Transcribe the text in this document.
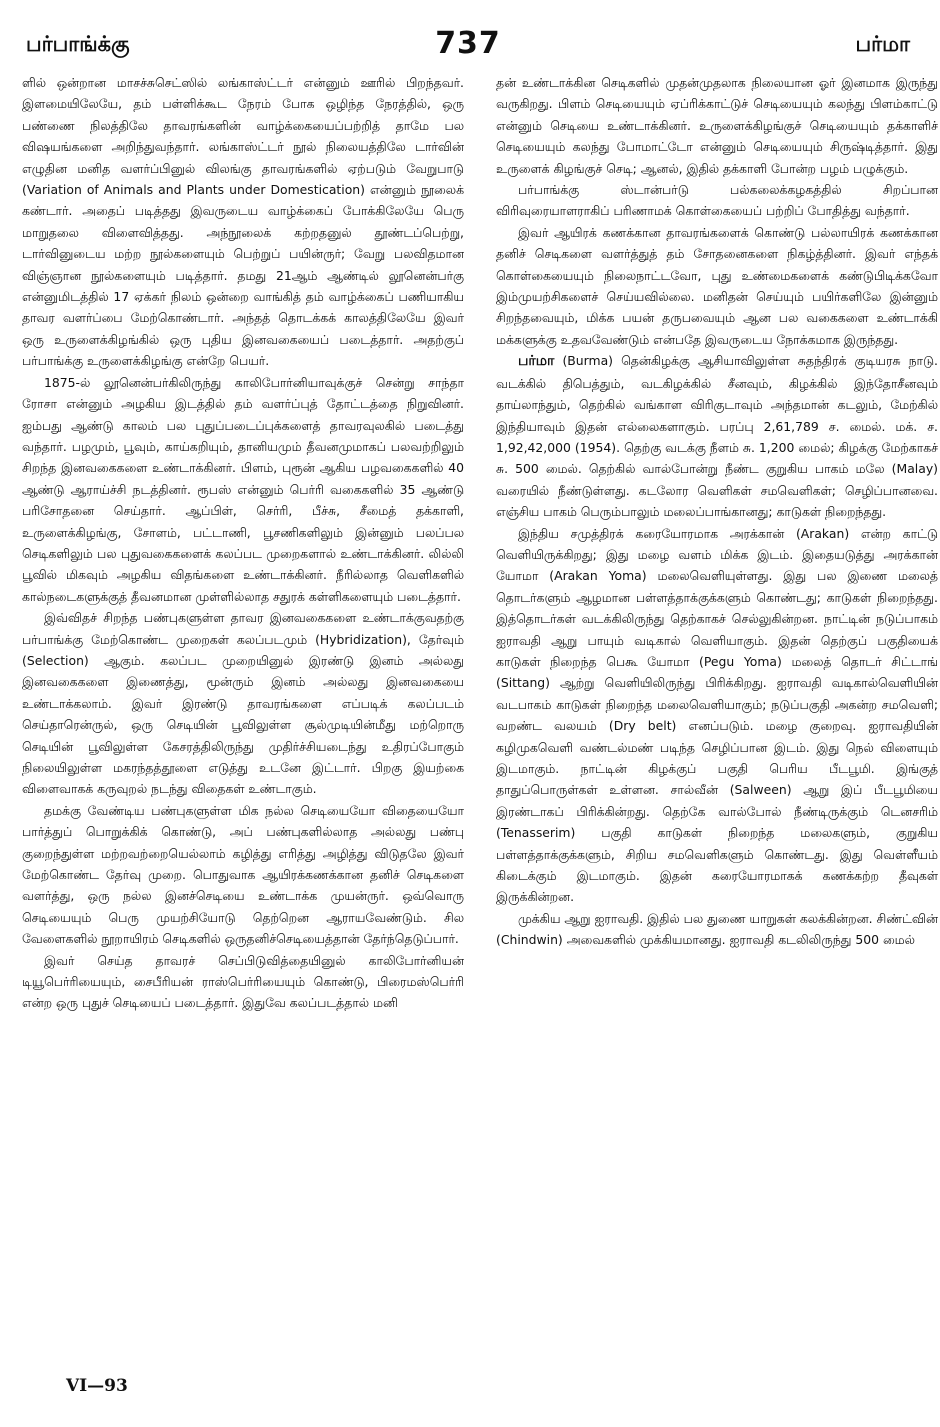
பர்பாங்க்கு	737	பர்மா

ளில் ஒன்றான மாசச்சுசெட்ஸில் லங்காஸ்ட்டர் என்னும் ஊரில் பிறந்தவர். இளமையிலேயே, தம் பள்ளிக்கூட நேரம் போக ஒழிந்த நேரத்தில், ஒரு பண்ணை நிலத்திலே தாவரங்களின் வாழ்க்கையைப்பற்றித் தாமே பல விஷயங்களை அறிந்துவந்தார். லங்காஸ்ட்டர் நூல் நிலையத்திலே டார்வின் எழுதின மனித வளர்ப்பினுல் விலங்கு தாவரங்களில் ஏற்படும் வேறுபாடு (Variation of Animals and Plants under Domestication) என்னும் நூலைக் கண்டார். அதைப் படித்தது இவருடைய வாழ்க்கைப் போக்கிலேயே பெரு மாறுதலை விளைவித்தது. அந்நூலைக் கற்றதனுல் தூண்டப்பெற்று, டார்வினுடைய மற்ற நூல்களையும் பெற்றுப் பயின்ருர்; வேறு பலவிதமான விஞ்ஞான நூல்களையும் படித்தார். தமது 21ஆம் ஆண்டில் லூனென்பர்கு என்னுமிடத்தில் 17 ஏக்கர் நிலம் ஒன்றை வாங்கித் தம் வாழ்க்கைப் பணியாகிய தாவர வளர்ப்பை மேற்கொண்டார். அந்தத் தொடக்கக் காலத்திலேயே இவர் ஒரு உருளைக்கிழங்கில் ஒரு புதிய இனவகையைப் படைத்தார். அதற்குப் பர்பாங்க்கு உருளைக்கிழங்கு என்றே பெயர்.

1875-ல் லூனென்பர்கிலிருந்து காலிபோர்னியாவுக்குச் சென்று சாந்தா ரோசா என்னும் அழகிய இடத்தில் தம் வளர்ப்புத் தோட்டத்தை நிறுவினர். ஐம்பது ஆண்டு காலம் பல புதுப்படைப்புக்களைத் தாவரவுலகில் படைத்து வந்தார். பழமும், பூவும், காய்கறியும், தானியமும் தீவனமுமாகப் பலவற்றிலும் சிறந்த இனவகைகளை உண்டாக்கினர். பிளம், புரூன் ஆகிய பழவகைகளில் 40 ஆண்டு ஆராய்ச்சி நடத்தினர். ரூபஸ் என்னும் பெர்ரி வகைகளில் 35 ஆண்டு பரிசோதனை செய்தார். ஆப்பிள், செர்ரி, பீச்சு, சீமைத் தக்காளி, உருளைக்கிழங்கு, சோளம், பட்டாணி, பூசணிகளிலும் இன்னும் பலப்பல செடிகளிலும் பல புதுவகைகளைக் கலப்பட முறைகளால் உண்டாக்கினர். லில்லி பூவில் மிகவும் அழகிய விதங்களை உண்டாக்கினர். நீரில்லாத வெளிகளில் கால்நடைகளுக்குத் தீவனமான முள்ளில்லாத சதுரக் கள்ளிகளையும் படைத்தார்.

இவ்விதச் சிறந்த பண்புகளுள்ள தாவர இனவகைகளை உண்டாக்குவதற்கு பர்பாங்க்கு மேற்கொண்ட முறைகள் கலப்படமும் (Hybridization), தேர்வும் (Selection) ஆகும். கலப்பட முறையினுல் இரண்டு இனம் அல்லது இனவகைகளை இணைத்து, மூன்ரும் இனம் அல்லது இனவகையை உண்டாக்கலாம். இவர் இரண்டு தாவரங்களை எப்படிக் கலப்படம் செய்தாரென்ருல், ஒரு செடியின் பூவிலுள்ள சூல்முடியின்மீது மற்றொரு செடியின் பூவிலுள்ள கேசரத்திலிருந்து முதிர்ச்சியடைந்து உதிரப்போகும் நிலையிலுள்ள மகரந்தத்தூளை எடுத்து உடனே இட்டார். பிறகு இயற்கை விளைவாகக் கருவுறல் நடந்து விதைகள் உண்டாகும்.

தமக்கு வேண்டிய பண்புகளுள்ள மிக நல்ல செடியையோ விதையையோ பார்த்துப் பொறுக்கிக் கொண்டு, அப் பண்புகளில்லாத அல்லது பண்பு குறைந்துள்ள மற்றவற்றையெல்லாம் கழித்து எரித்து அழித்து விடுதலே இவர் மேற்கொண்ட தேர்வு முறை. பொதுவாக ஆயிரக்கணக்கான தனிச் செடிகளை வளர்த்து, ஒரு நல்ல இனச்செடியை உண்டாக்க முயன்ருர். ஒவ்வொரு செடியையும் பெரு முயற்சியோடு தெற்றென ஆராயவேண்டும். சில வேளைகளில் நூறாயிரம் செடிகளில் ஒருதனிச்செடியைத்தான் தேர்ந்தெடுப்பார்.

இவர் செய்த தாவரச் செப்பிடுவித்தையினுல் காலிபோர்னியன் டியூபெர்ரியையும், சைபீரியன் ராஸ்பெர்ரியையும் கொண்டு, பிரைமஸ்பெர்ரி என்ற ஒரு புதுச் செடியைப் படைத்தார். இதுவே கலப்படத்தால் மனி

தன் உண்டாக்கின செடிகளில் முதன்முதலாக நிலையான ஓர் இனமாக இருந்து வருகிறது. பிளம் செடியையும் ஏப்ரிக்காட்டுச் செடியையும் கலந்து பிளம்காட்டு என்னும் செடியை உண்டாக்கினர். உருளைக்கிழங்குச் செடியையும் தக்காளிச் செடியையும் கலந்து போமாட்டோ என்னும் செடியையும் சிருஷ்டித்தார். இது உருளைக் கிழங்குச் செடி; ஆனல், இதில் தக்காளி போன்ற பழம் பழுக்கும்.

பர்பாங்க்கு ஸ்டான்பர்டு பல்கலைக்கழகத்தில் சிறப்பான விரிவுரையாளராகிப் பரிணாமக் கொள்கையைப் பற்றிப் போதித்து வந்தார்.

இவர் ஆயிரக் கணக்கான தாவரங்களைக் கொண்டு பல்லாயிரக் கணக்கான தனிச் செடிகளை வளர்த்துத் தம் சோதனைகளை நிகழ்த்தினர். இவர் எந்தக் கொள்கையையும் நிலைநாட்டவோ, புது உண்மைகளைக் கண்டுபிடிக்கவோ இம்முயற்சிகளைச் செய்யவில்லை. மனிதன் செய்யும் பயிர்களிலே இன்னும் சிறந்தவையும், மிக்க பயன் தருபவையும் ஆன பல வகைகளை உண்டாக்கி மக்களுக்கு உதவவேண்டும் என்பதே இவருடைய நோக்கமாக இருந்தது.

பர்மா (Burma) தென்கிழக்கு ஆசியாவிலுள்ள சுதந்திரக் குடியரசு நாடு. வடக்கில் திபெத்தும், வடகிழக்கில் சீனவும், கிழக்கில் இந்தோசீனவும் தாய்லாந்தும், தெற்கில் வங்காள விரிகுடாவும் அந்தமான் கடலும், மேற்கில் இந்தியாவும் இதன் எல்லைகளாகும். பரப்பு 2,61,789 ச. மைல். மக். ச. 1,92,42,000 (1954). தெற்கு வடக்கு நீளம் சு. 1,200 மைல்; கிழக்கு மேற்காகச் சு. 500 மைல். தெற்கில் வால்போன்று நீண்ட குறுகிய பாகம் மலே (Malay) வரையில் நீண்டுள்ளது. கடலோர வெளிகள் சமவெளிகள்; செழிப்பானவை. எஞ்சிய பாகம் பெரும்பாலும் மலைப்பாங்கானது; காடுகள் நிறைந்தது.

இந்திய சமுத்திரக் கரையோரமாக அரக்கான் (Arakan) என்ற காட்டு வெளியிருக்கிறது; இது மழை வளம் மிக்க இடம். இதையடுத்து அரக்கான் யோமா (Arakan Yoma) மலைவெளியுள்ளது. இது பல இணை மலைத் தொடர்களும் ஆழமான பள்ளத்தாக்குக்களும் கொண்டது; காடுகள் நிறைந்தது. இத்தொடர்கள் வடக்கிலிருந்து தெற்காகச் செல்லுகின்றன. நாட்டின் நடுப்பாகம் ஐராவதி ஆறு பாயும் வடிகால் வெளியாகும். இதன் தெற்குப் பகுதியைக் காடுகள் நிறைந்த பெகூ யோமா (Pegu Yoma) மலைத் தொடர் சிட்டாங் (Sittang) ஆற்று வெளியிலிருந்து பிரிக்கிறது. ஐராவதி வடிகால்வெளியின் வடபாகம் காடுகள் நிறைந்த மலைவெளியாகும்; நடுப்பகுதி அகன்ற சமவெளி; வறண்ட வலயம் (Dry belt) எனப்படும். மழை குறைவு. ஐராவதியின் கழிமுகவெளி வண்டல்மண் படிந்த செழிப்பான இடம். இது நெல் விளையும் இடமாகும். நாட்டின் கிழக்குப் பகுதி பெரிய பீடபூமி. இங்குத் தாதுப்பொருள்கள் உள்ளன. சால்வீன் (Salween) ஆறு இப் பீடபூமியை இரண்டாகப் பிரிக்கின்றது. தெற்கே வால்போல் நீண்டிருக்கும் டெனசரிம் (Tenasserim) பகுதி காடுகள் நிறைந்த மலைகளும், குறுகிய பள்ளத்தாக்குக்களும், சிறிய சமவெளிகளும் கொண்டது. இது வெள்ளீயம் கிடைக்கும் இடமாகும். இதன் கரையோரமாகக் கணக்கற்ற தீவுகள் இருக்கின்றன.

முக்கிய ஆறு ஐராவதி. இதில் பல துணை யாறுகள் கலக்கின்றன. சிண்ட்வின் (Chindwin) அவைகளில் முக்கியமானது. ஐராவதி கடலிலிருந்து 500 மைல்

VI—93
